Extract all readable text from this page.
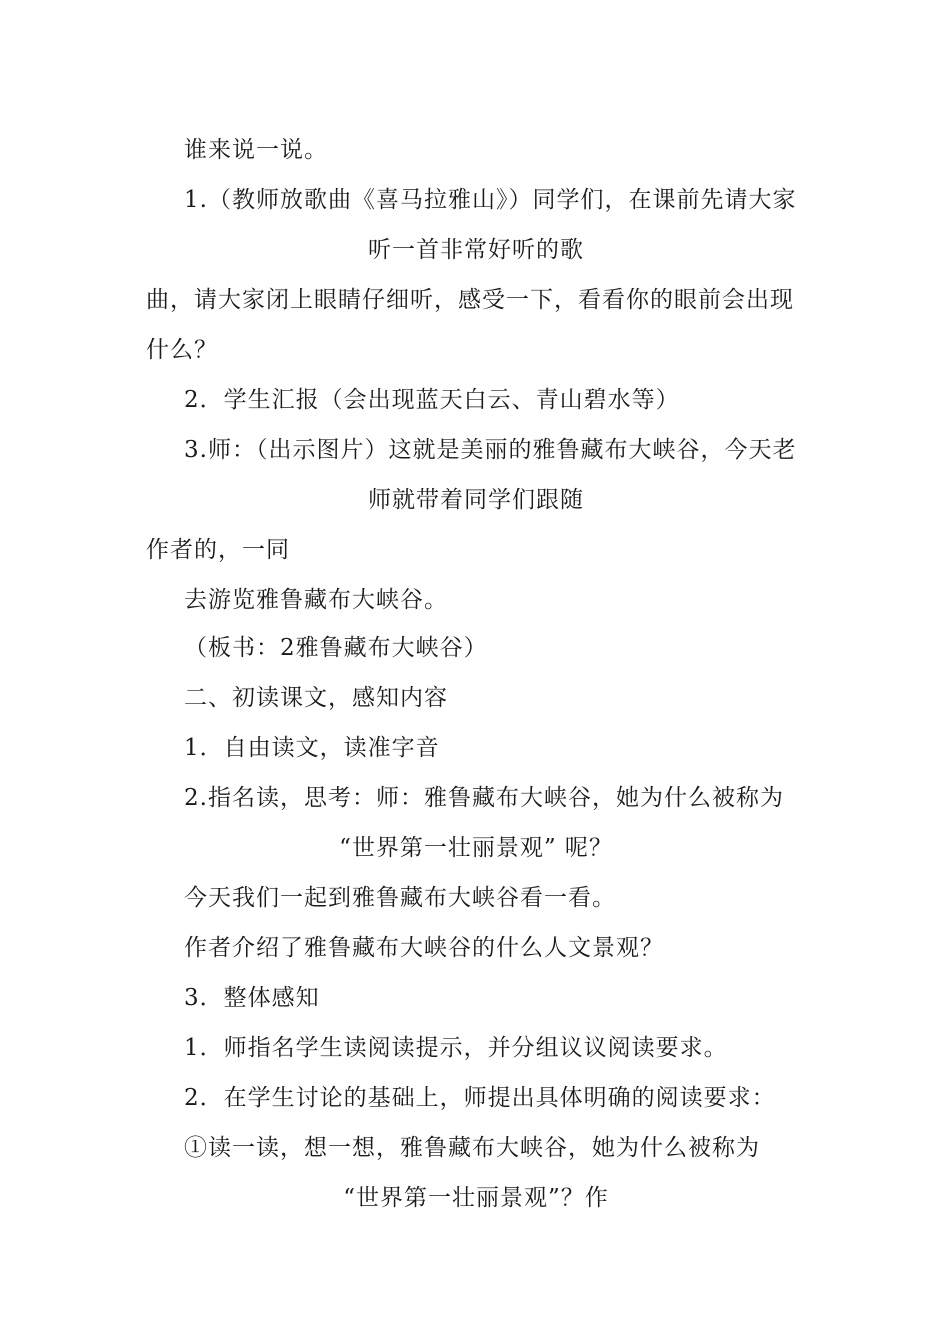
谁来说一说。
1.（教师放歌曲《喜马拉雅山》）同学们，在课前先请大家
听一首非常好听的歌
曲，请大家闭上眼睛仔细听，感受一下，看看你的眼前会出现
什么？
2．学生汇报（会出现蓝天白云、青山碧水等）
3.师：（出示图片）这就是美丽的雅鲁藏布大峡谷，今天老
师就带着同学们跟随
作者的，一同
去游览雅鲁藏布大峡谷。
（板书：2雅鲁藏布大峡谷）
二、初读课文，感知内容
1．自由读文，读准字音
2.指名读，思考：师：雅鲁藏布大峡谷，她为什么被称为
“世界第一壮丽景观” 呢？
今天我们一起到雅鲁藏布大峡谷看一看。
作者介绍了雅鲁藏布大峡谷的什么人文景观？
3．整体感知
1．师指名学生读阅读提示，并分组议议阅读要求。
2．在学生讨论的基础上，师提出具体明确的阅读要求：
①读一读，想一想，雅鲁藏布大峡谷，她为什么被称为
“世界第一壮丽景观”？作
